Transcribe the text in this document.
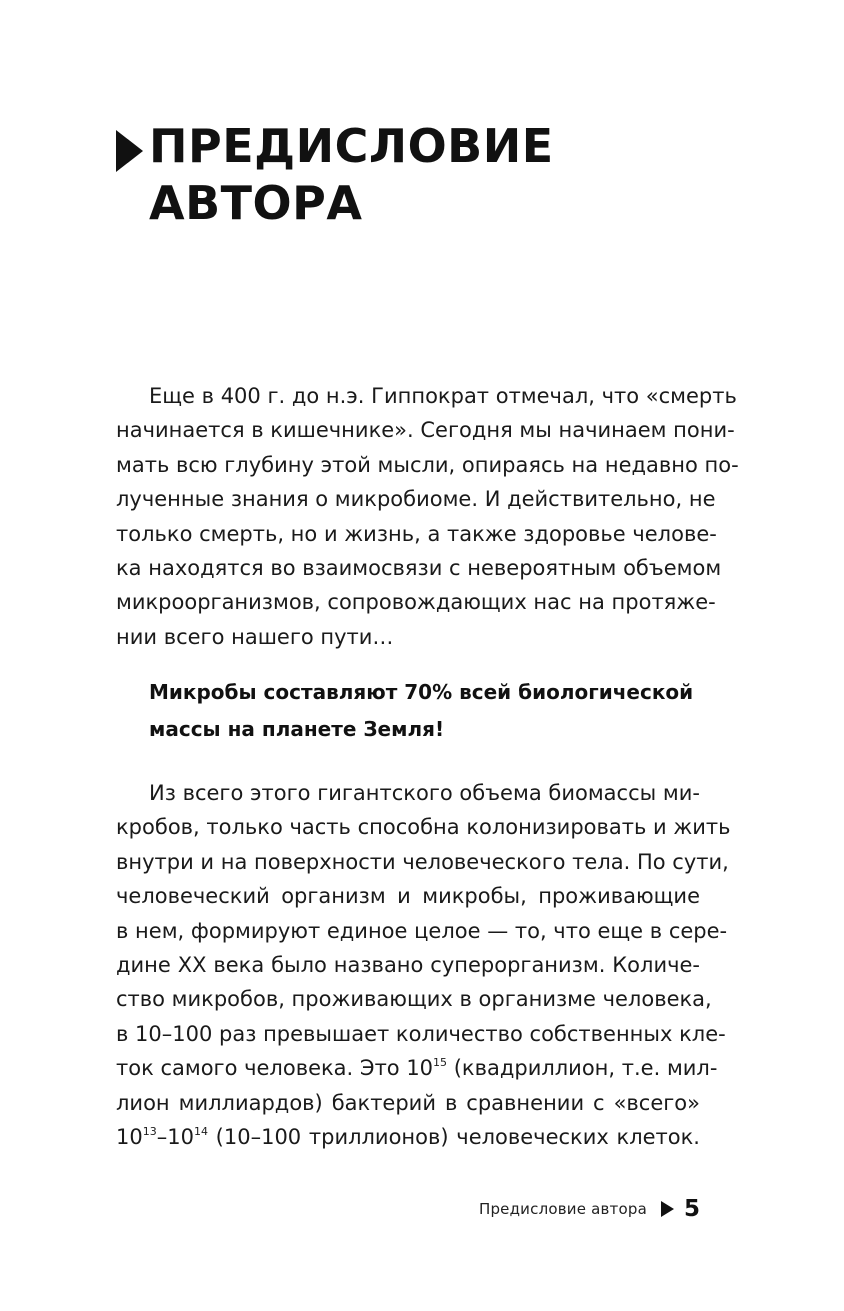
ПРЕДИСЛОВИЕ
АВТОРА
Еще в 400 г. до н.э. Гиппократ отмечал, что «смерть
начинается в кишечнике». Сегодня мы начинаем пони-
мать всю глубину этой мысли, опираясь на недавно по-
лученные знания о микробиоме. И действительно, не
только смерть, но и жизнь, а также здоровье челове-
ка находятся во взаимосвязи с невероятным объемом
микроорганизмов, сопровождающих нас на протяже-
нии всего нашего пути…
Микробы составляют 70% всей биологической
массы на планете Земля!
Из всего этого гигантского объема биомассы ми-
кробов, только часть способна колонизировать и жить
внутри и на поверхности человеческого тела. По сути,
человеческий организм и микробы, проживающие
в нем, формируют единое целое — то, что еще в сере-
дине XX века было названо суперорганизм. Количе-
ство микробов, проживающих в организме человека,
в 10–100 раз превышает количество собственных кле-
ток самого человека. Это $10^{15}$ (квадриллион, т.е. мил-
лион миллиардов) бактерий в сравнении с «всего»
$10^{13}-10^{14}$ (10–100 триллионов) человеческих клеток.
Предисловие автора 5
